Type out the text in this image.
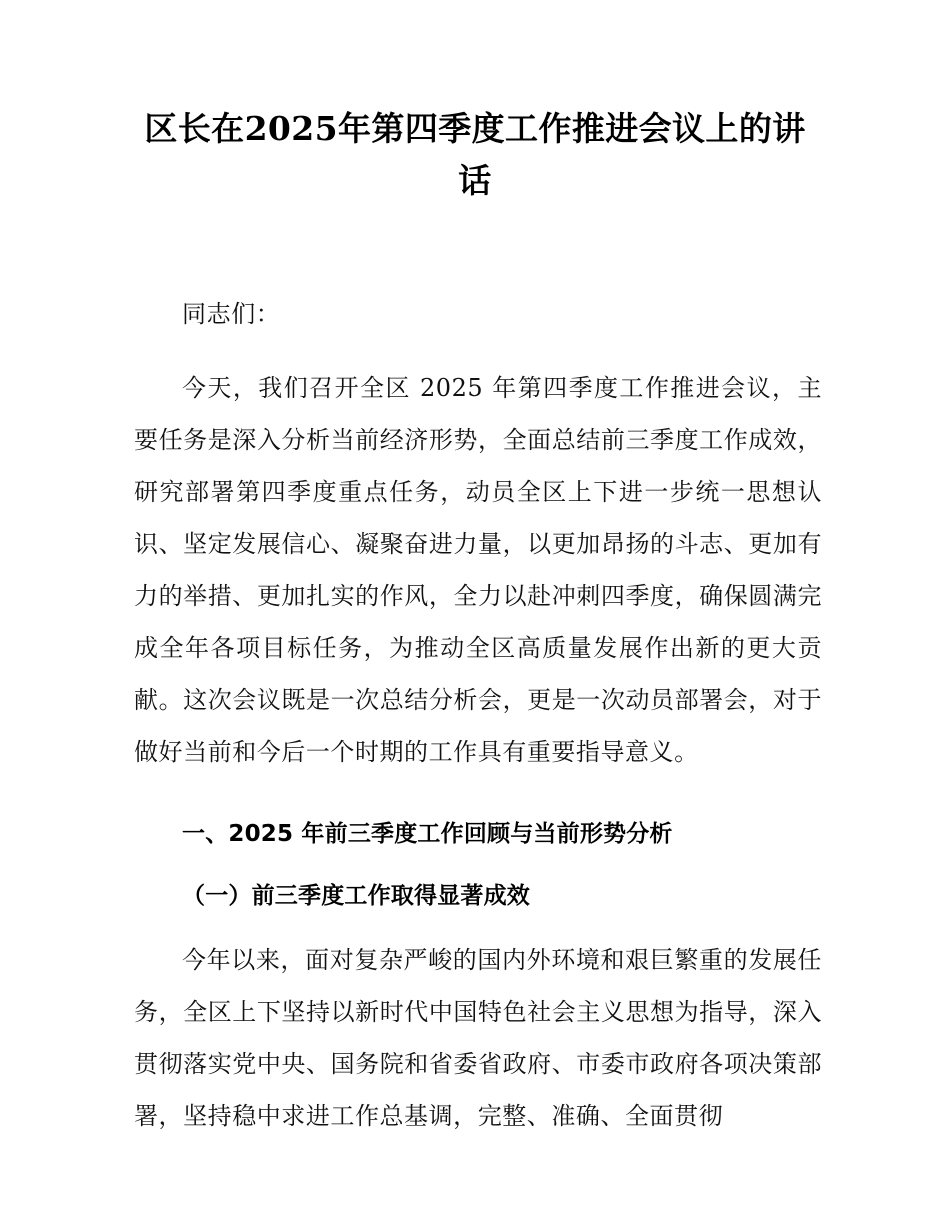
区长在2025年第四季度工作推进会议上的讲话

同志们：

今天，我们召开全区 2025 年第四季度工作推进会议，主要任务是深入分析当前经济形势，全面总结前三季度工作成效，研究部署第四季度重点任务，动员全区上下进一步统一思想认识、坚定发展信心、凝聚奋进力量，以更加昂扬的斗志、更加有力的举措、更加扎实的作风，全力以赴冲刺四季度，确保圆满完成全年各项目标任务，为推动全区高质量发展作出新的更大贡献。这次会议既是一次总结分析会，更是一次动员部署会，对于做好当前和今后一个时期的工作具有重要指导意义。

一、2025 年前三季度工作回顾与当前形势分析
（一）前三季度工作取得显著成效

今年以来，面对复杂严峻的国内外环境和艰巨繁重的发展任务，全区上下坚持以新时代中国特色社会主义思想为指导，深入贯彻落实党中央、国务院和省委省政府、市委市政府各项决策部署，坚持稳中求进工作总基调，完整、准确、全面贯彻
